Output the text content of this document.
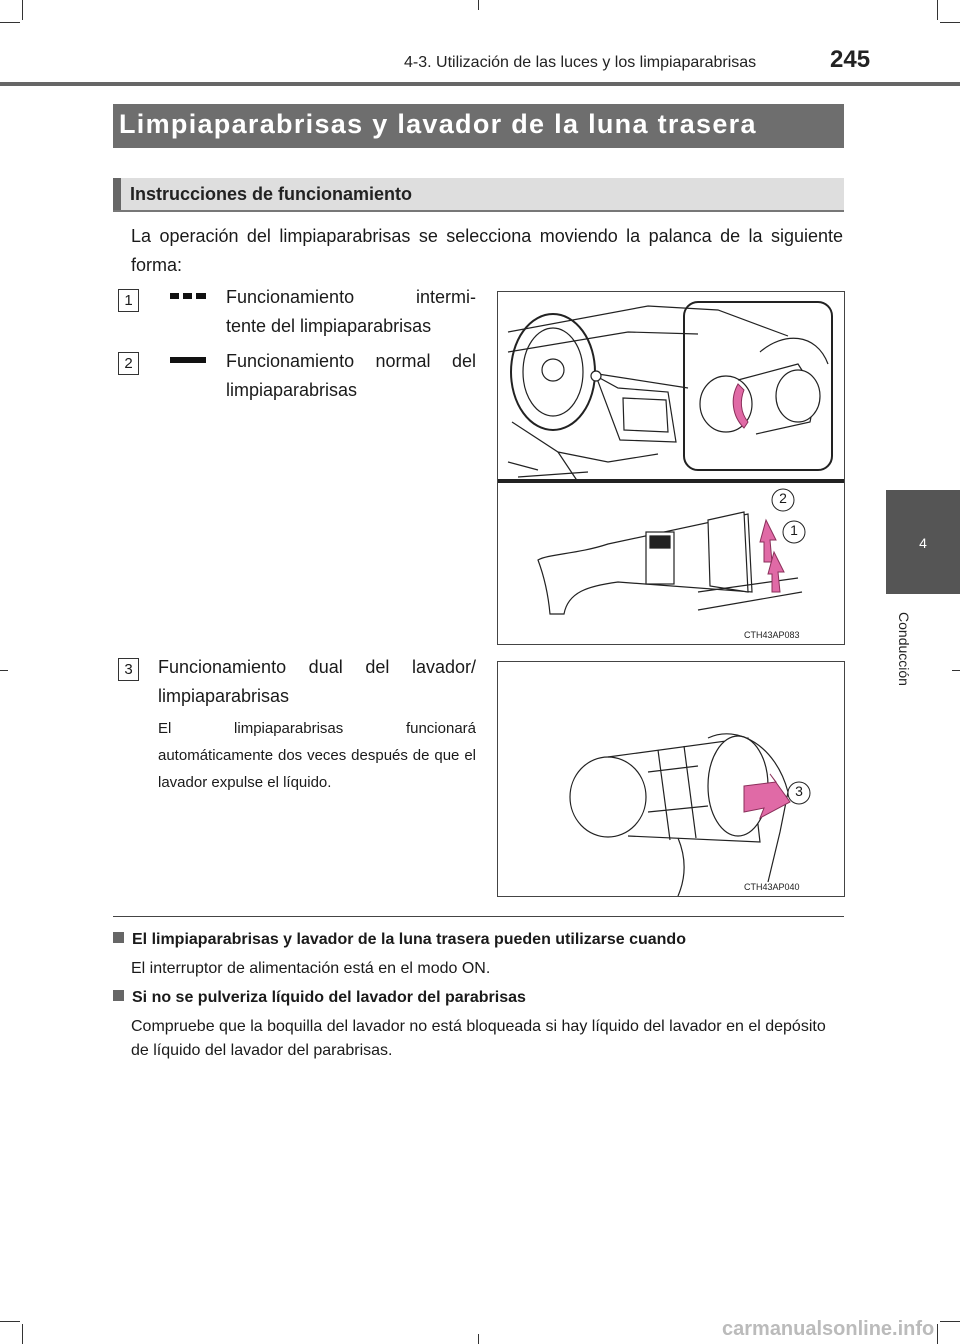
4-3. Utilización de las luces y los limpiaparabrisas	245
4
Conducción
Limpiaparabrisas y lavador de la luna trasera
Instrucciones de funcionamiento
La operación del limpiaparabrisas se selecciona moviendo la palanca de la siguiente forma:
1	Funcionamiento intermi-
tente del limpiaparabrisas
2	Funcionamiento normal del
limpiaparabrisas
2
1
CTH43AP083
3	Funcionamiento dual del lavador/
limpiaparabrisas
El limpiaparabrisas funcionará automáticamente dos veces después de que el lavador expulse el líquido.	3
CTH43AP040
El limpiaparabrisas y lavador de la luna trasera pueden utilizarse cuando
El interruptor de alimentación está en el modo ON.
Si no se pulveriza líquido del lavador del parabrisas
Compruebe que la boquilla del lavador no está bloqueada si hay líquido del lavador en el depósito de líquido del lavador del parabrisas.
carmanualsonline.info
